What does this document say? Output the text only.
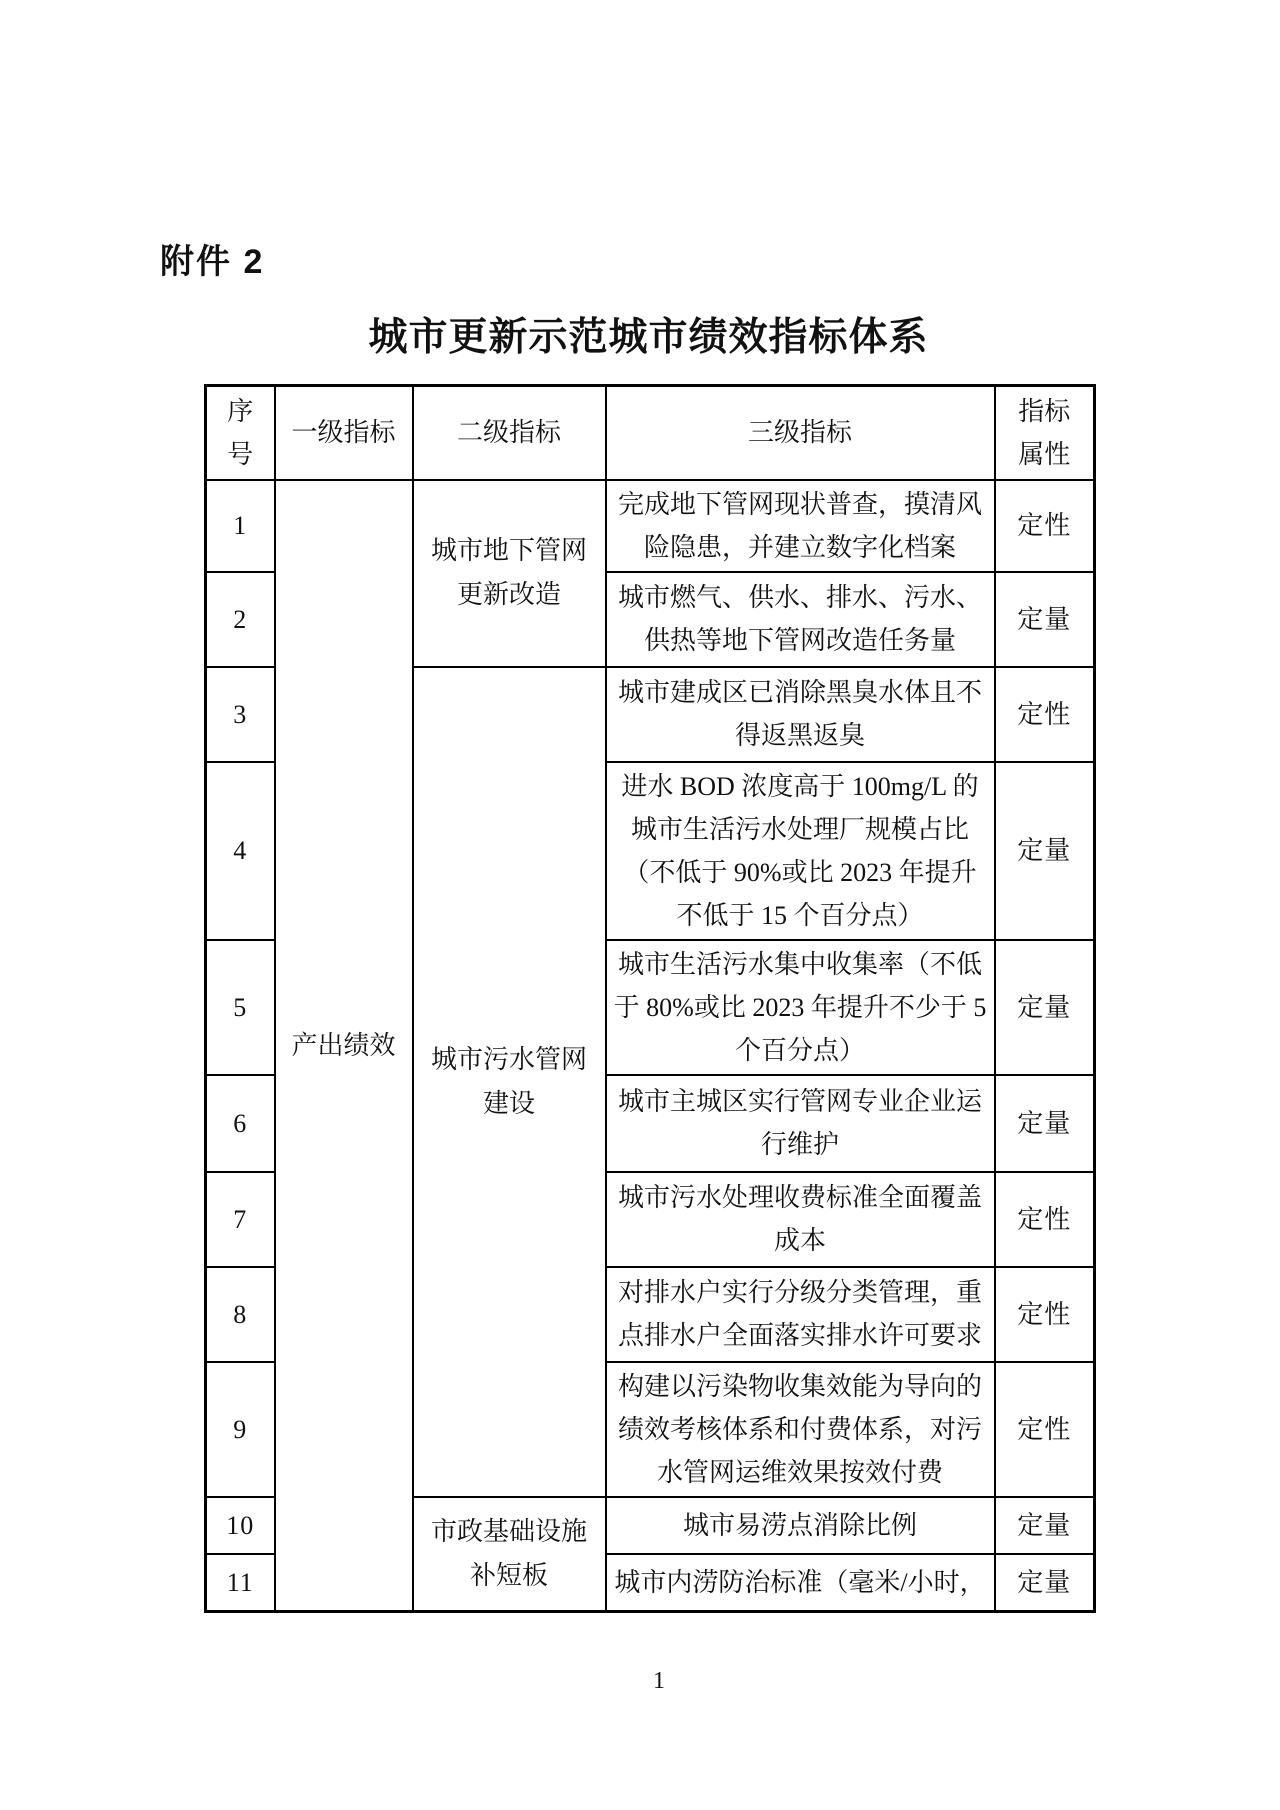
附件 2
城市更新示范城市绩效指标体系
序号	一级指标	二级指标	三级指标	指标属性
1	产出绩效	城市地下管网更新改造	完成地下管网现状普查，摸清风险隐患，并建立数字化档案	定性
2			城市燃气、供水、排水、污水、供热等地下管网改造任务量	定量
3		城市污水管网建设	城市建成区已消除黑臭水体且不得返黑返臭	定性
4			进水 BOD 浓度高于 100mg/L 的城市生活污水处理厂规模占比（不低于 90%或比 2023 年提升不低于 15 个百分点）	定量
5			城市生活污水集中收集率（不低于 80%或比 2023 年提升不少于 5 个百分点）	定量
6			城市主城区实行管网专业企业运行维护	定量
7			城市污水处理收费标准全面覆盖成本	定性
8			对排水户实行分级分类管理，重点排水户全面落实排水许可要求	定性
9			构建以污染物收集效能为导向的绩效考核体系和付费体系，对污水管网运维效果按效付费	定性
10		市政基础设施补短板	城市易涝点消除比例	定量
11			城市内涝防治标准（毫米/小时，	定量
1
